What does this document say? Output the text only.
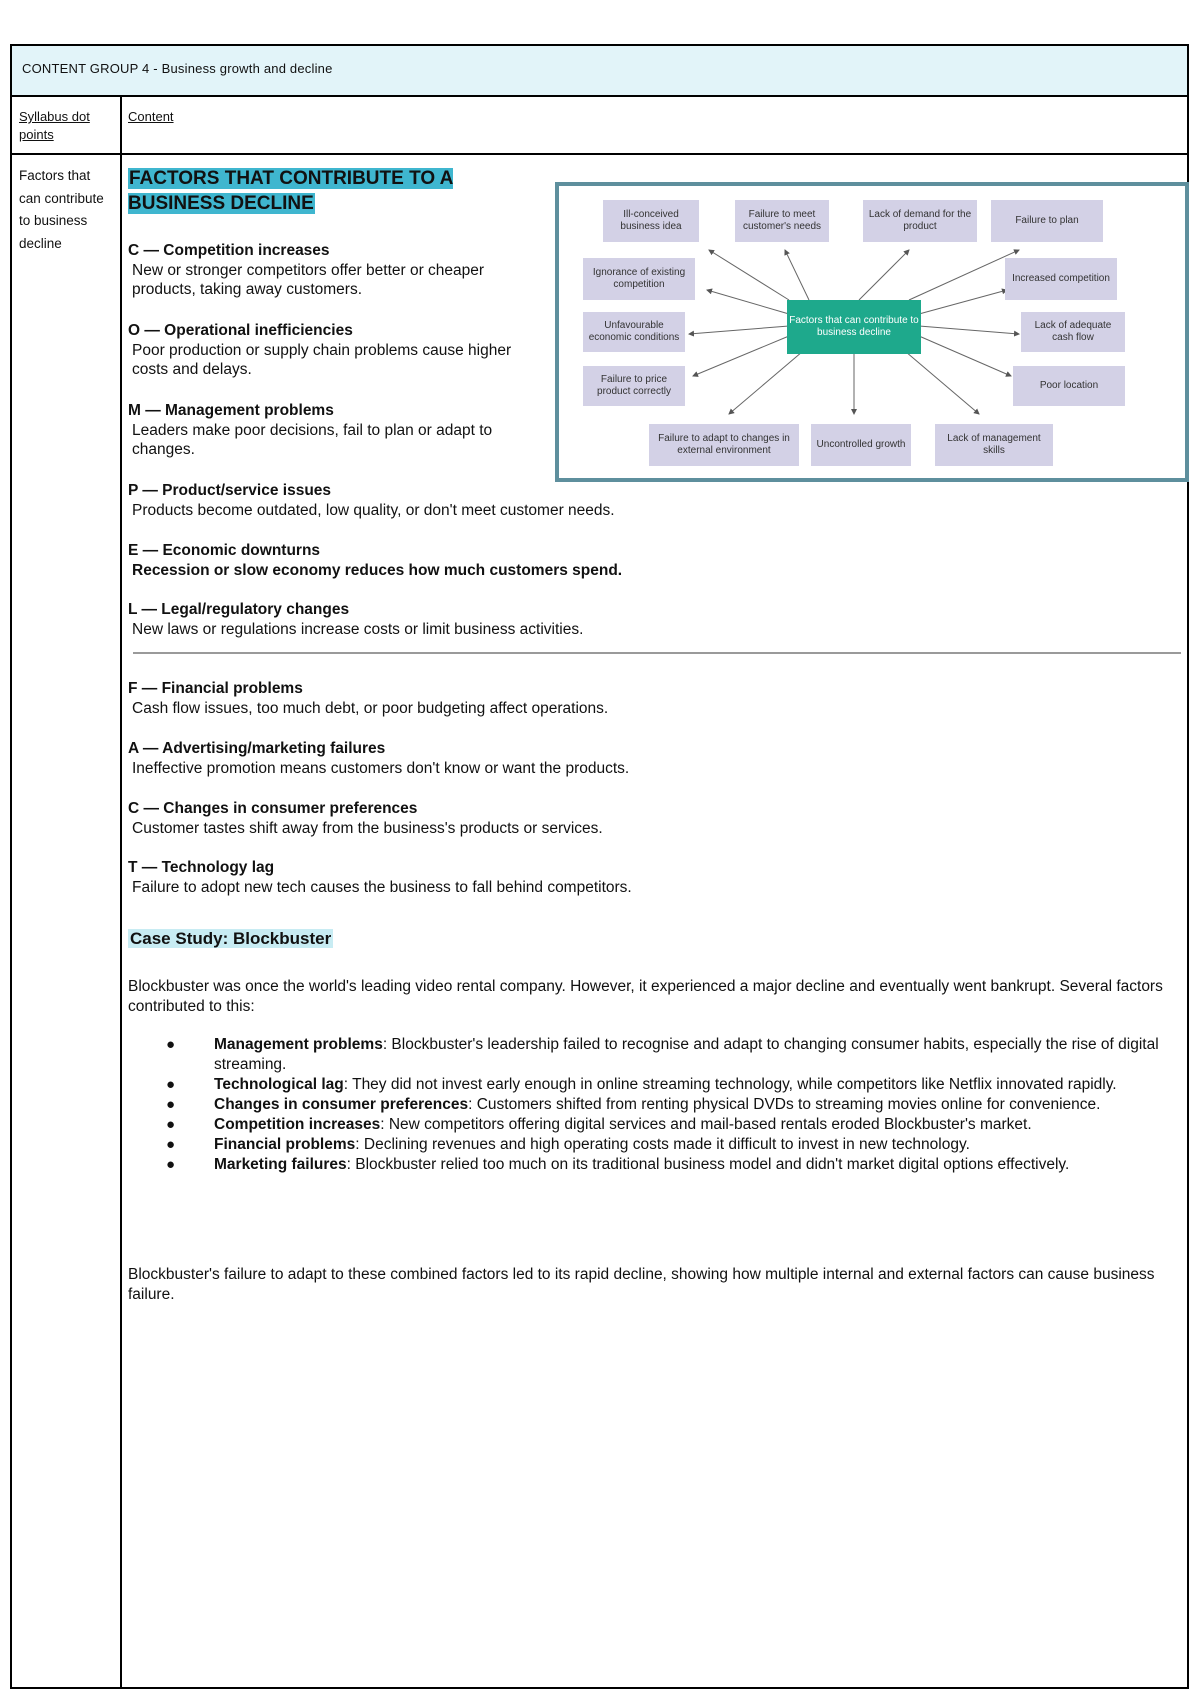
CONTENT GROUP 4 - Business growth and decline
Syllabus dot points
Content
Factors that can contribute to business decline
FACTORS THAT CONTRIBUTE TO A BUSINESS DECLINE
C — Competition increases
New or stronger competitors offer better or cheaper products, taking away customers.
O — Operational inefficiencies
Poor production or supply chain problems cause higher costs and delays.
M — Management problems
Leaders make poor decisions, fail to plan or adapt to changes.
P — Product/service issues
Products become outdated, low quality, or don't meet customer needs.
E — Economic downturns
Recession or slow economy reduces how much customers spend.
L — Legal/regulatory changes
New laws or regulations increase costs or limit business activities.
F — Financial problems
Cash flow issues, too much debt, or poor budgeting affect operations.
A — Advertising/marketing failures
Ineffective promotion means customers don't know or want the products.
C — Changes in consumer preferences
Customer tastes shift away from the business's products or services.
T — Technology lag
Failure to adopt new tech causes the business to fall behind competitors.
Ill-conceived business idea
Failure to meet customer's needs
Lack of demand for the product
Failure to plan
Ignorance of existing competition
Increased competition
Unfavourable economic conditions
Lack of adequate cash flow
Failure to price product correctly
Poor location
Failure to adapt to changes in external environment
Uncontrolled growth
Lack of management skills
Factors that can contribute to business decline
Case Study: Blockbuster
Blockbuster was once the world's leading video rental company. However, it experienced a major decline and eventually went bankrupt. Several factors contributed to this:
●	Management problems: Blockbuster's leadership failed to recognise and adapt to changing consumer habits, especially the rise of digital streaming.
●	Technological lag: They did not invest early enough in online streaming technology, while competitors like Netflix innovated rapidly.
●	Changes in consumer preferences: Customers shifted from renting physical DVDs to streaming movies online for convenience.
●	Competition increases: New competitors offering digital services and mail-based rentals eroded Blockbuster's market.
●	Financial problems: Declining revenues and high operating costs made it difficult to invest in new technology.
●	Marketing failures: Blockbuster relied too much on its traditional business model and didn't market digital options effectively.
Blockbuster's failure to adapt to these combined factors led to its rapid decline, showing how multiple internal and external factors can cause business failure.
